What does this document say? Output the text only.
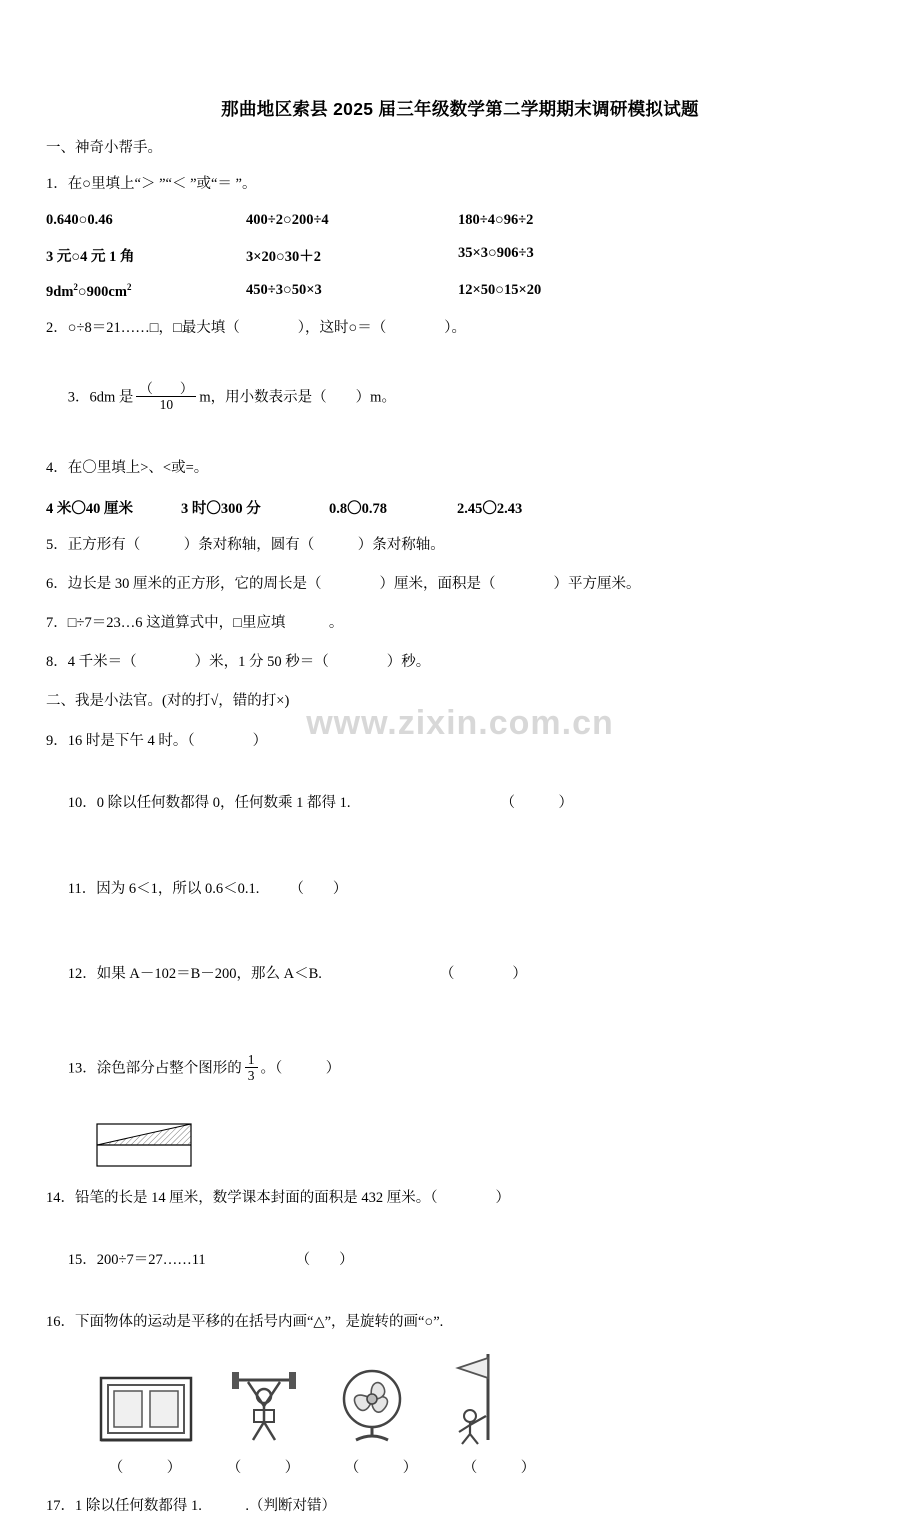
www.zixin.com.cn
那曲地区索县 2025 届三年级数学第二学期期末调研模拟试题
一、神奇小帮手。
1．在○里填上“＞ ”“＜ ”或“＝ ”。
0.640○0.46	400÷2○200÷4	180÷4○96÷2
3 元○4 元 1 角	3×20○30＋2	35×3○906÷3
$9dm^2○900cm^2$	450÷3○50×3	12×50○15×20
2．○÷8＝21……□，□最大填（　　　　），这时○＝（　　　　）。

3．6dm 是 $\frac{( )}{10}$ m，用小数表示是（　　）m。

4．在〇里填上>、<或=。
4 米〇40 厘米	3 时〇300 分	0.8〇0.78	2.45〇2.43
5．正方形有（　　　）条对称轴，圆有（　　　）条对称轴。
6．边长是 30 厘米的正方形，它的周长是（　　　　）厘米，面积是（　　　　）平方厘米。
7．□÷7＝23…6 这道算式中，□里应填　　　。
8．4 千米＝（　　　　）米，1 分 50 秒＝（　　　　）秒。
二、我是小法官。(对的打√，错的打×)
9．16 时是下午 4 时。（　　　　）

10．0 除以任何数都得 0，任何数乘 1 都得 1.	（　　　）

11．因为 6＜1，所以 0.6＜0.1. （　　）

12．如果 A－102＝B－200，那么 A＜B.	（　　　　）

13．涂色部分占整个图形的 $\frac{1}{3}$ 。（　　　）

14．铅笔的长是 14 厘米，数学课本封面的面积是 432 厘米。（　　　　）

15．200÷7＝27……11	（　　）

16．下面物体的运动是平移的在括号内画“△”，是旋转的画“○”.
（　　　）	（　　　）	（　　　）	（　　　）
17．1 除以任何数都得 1.　　　.（判断对错）
